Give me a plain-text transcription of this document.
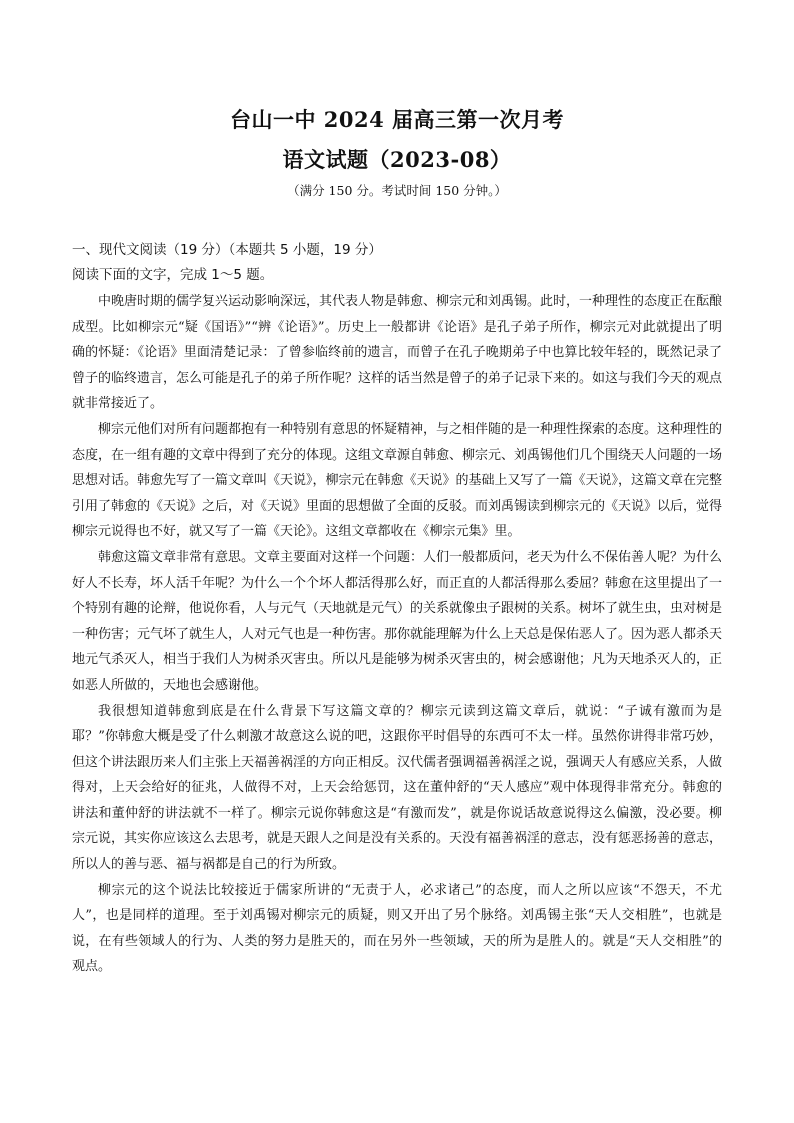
台山一中 2024 届高三第一次月考
语文试题（2023-08）
（满分 150 分。考试时间 150 分钟。）
一、现代文阅读（19 分）（本题共 5 小题，19 分）
阅读下面的文字，完成 1～5 题。

中晚唐时期的儒学复兴运动影响深远，其代表人物是韩愈、柳宗元和刘禹锡。此时，一种理性的态度正在酝酿成型。比如柳宗元“疑《国语》”“辨《论语》”。历史上一般都讲《论语》是孔子弟子所作，柳宗元对此就提出了明确的怀疑：《论语》里面清楚记录：了曾参临终前的遗言，而曾子在孔子晚期弟子中也算比较年轻的，既然记录了曾子的临终遗言，怎么可能是孔子的弟子所作呢？这样的话当然是曾子的弟子记录下来的。如这与我们今天的观点就非常接近了。

柳宗元他们对所有问题都抱有一种特别有意思的怀疑精神，与之相伴随的是一种理性探索的态度。这种理性的态度，在一组有趣的文章中得到了充分的体现。这组文章源自韩愈、柳宗元、刘禹锡他们几个围绕天人问题的一场思想对话。韩愈先写了一篇文章叫《天说》，柳宗元在韩愈《天说》的基础上又写了一篇《天说》，这篇文章在完整引用了韩愈的《天说》之后，对《天说》里面的思想做了全面的反驳。而刘禹锡读到柳宗元的《天说》以后，觉得柳宗元说得也不好，就又写了一篇《天论》。这组文章都收在《柳宗元集》里。

韩愈这篇文章非常有意思。文章主要面对这样一个问题：人们一般都质问，老天为什么不保佑善人呢？为什么好人不长寿，坏人活千年呢？为什么一个个坏人都活得那么好，而正直的人都活得那么委屈？韩愈在这里提出了一个特别有趣的论辩，他说你看，人与元气（天地就是元气）的关系就像虫子跟树的关系。树坏了就生虫，虫对树是一种伤害；元气坏了就生人，人对元气也是一种伤害。那你就能理解为什么上天总是保佑恶人了。因为恶人都杀天地元气杀灭人，相当于我们人为树杀灭害虫。所以凡是能够为树杀灭害虫的，树会感谢他；凡为天地杀灭人的，正如恶人所做的，天地也会感谢他。

我很想知道韩愈到底是在什么背景下写这篇文章的？柳宗元读到这篇文章后，就说：“子诚有激而为是耶？”你韩愈大概是受了什么刺激才故意这么说的吧，这跟你平时倡导的东西可不太一样。虽然你讲得非常巧妙，但这个讲法跟历来人们主张上天福善祸淫的方向正相反。汉代儒者强调福善祸淫之说，强调天人有感应关系，人做得对，上天会给好的征兆，人做得不对，上天会给惩罚，这在董仲舒的“天人感应”观中体现得非常充分。韩愈的讲法和董仲舒的讲法就不一样了。柳宗元说你韩愈这是“有激而发”，就是你说话故意说得这么偏激，没必要。柳宗元说，其实你应该这么去思考，就是天跟人之间是没有关系的。天没有福善祸淫的意志，没有惩恶扬善的意志，所以人的善与恶、福与祸都是自己的行为所致。

柳宗元的这个说法比较接近于儒家所讲的“无责于人，必求诸己”的态度，而人之所以应该“不怨天，不尤人”，也是同样的道理。至于刘禹锡对柳宗元的质疑，则又开出了另个脉络。刘禹锡主张“天人交相胜”，也就是说，在有些领域人的行为、人类的努力是胜天的，而在另外一些领域，天的所为是胜人的。就是“天人交相胜”的观点。
